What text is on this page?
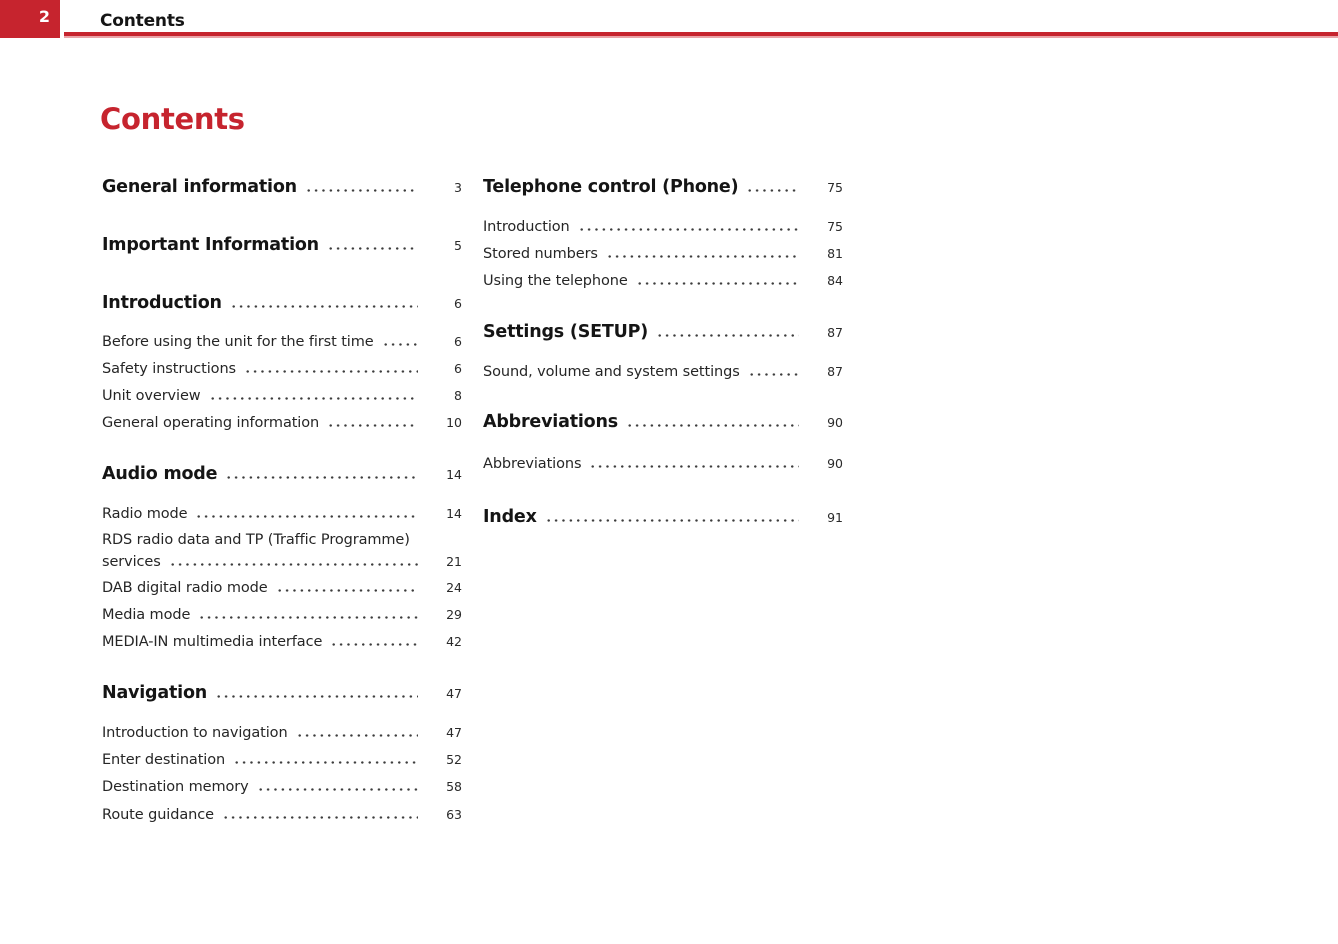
2	Contents
Contents
General information	3
Important Information	5
Introduction	6
Before using the unit for the first time	6
Safety instructions	6
Unit overview	8
General operating information	10
Audio mode	14
Radio mode	14
RDS radio data and TP (Traffic Programme)
services	21
DAB digital radio mode	24
Media mode	29
MEDIA-IN multimedia interface	42
Navigation	47
Introduction to navigation	47
Enter destination	52
Destination memory	58
Route guidance	63
Telephone control (Phone)	75
Introduction	75
Stored numbers	81
Using the telephone	84
Settings (SETUP)	87
Sound, volume and system settings	87
Abbreviations	90
Abbreviations	90
Index	91
